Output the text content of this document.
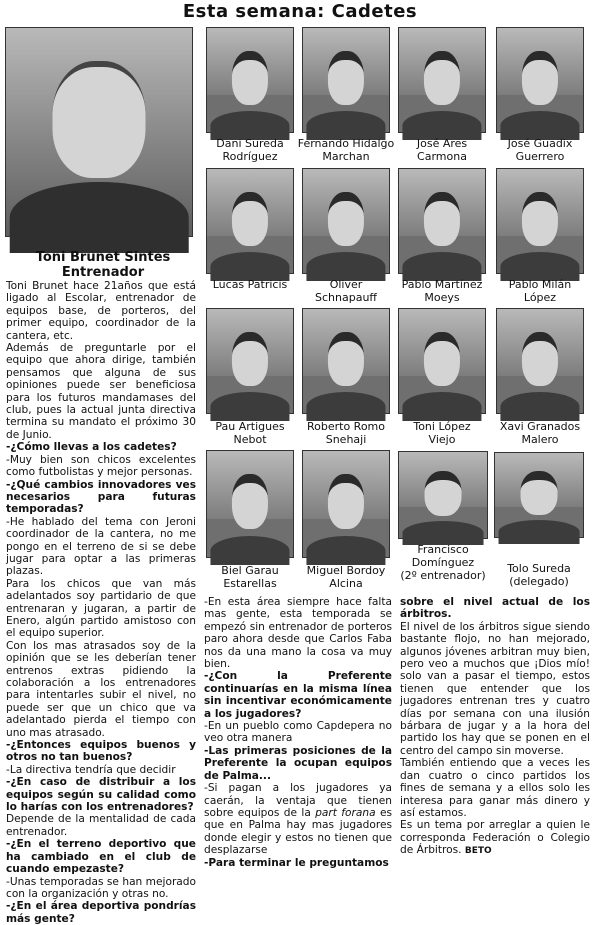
Esta semana: Cadetes
Toni Brunet Sintes
Entrenador
Dani Sureda
Rodríguez
Fernando Hidalgo
Marchan
José Ares
Carmona
José Guadix
Guerrero
Lucas Patricis	Oliver
Schnapauff
Pablo Martínez
Moeys
Pablo Milán
López
Pau Artigues
Nebot
Roberto Romo
Snehaji
Toni López
Viejo
Xavi Granados
Malero
Biel Garau
Estarellas
Miguel Bordoy
Alcina
Francisco
Domínguez
(2º entrenador)
Tolo Sureda
(delegado)

Toni Brunet hace 21años que está ligado al Escolar, entrenador de equipos base, de porteros, del primer equipo, coordinador de la cantera, etc.

Además de preguntarle por el equipo que ahora dirige, también pensamos que alguna de sus opiniones puede ser beneficiosa para los futuros mandamases del club, pues la actual junta directiva termina su mandato el próximo 30 de Junio.

-¿Cómo llevas a los cadetes?

-Muy bien son chicos excelentes como futbolistas y mejor personas.

-¿Qué cambios innovadores ves necesarios para futuras temporadas?

-He hablado del tema con Jeroni coordinador de la cantera, no me pongo en el terreno de si se debe jugar para optar a las primeras plazas.

Para los chicos que van más adelantados soy partidario de que entrenaran y jugaran, a partir de Enero, algún partido amistoso con el equipo superior.

Con los mas atrasados soy de la opinión que se les deberían tener entrenos extras pidiendo la colaboración a los entrenadores para intentarles subir el nivel, no puede ser que un chico que va adelantado pierda el tiempo con uno mas atrasado.

-¿Entonces equipos buenos y otros no tan buenos?

-La directiva tendría que decidir

-¿En caso de distribuir a los equipos según su calidad como lo harías con los entrenadores?

Depende de la mentalidad de cada entrenador.

-¿En el terreno deportivo que ha cambiado en el club de cuando empezaste?

-Unas temporadas se han mejorado con la organización y otras no.

-¿En el área deportiva pondrías más gente?

-En esta área siempre hace falta mas gente, esta temporada se empezó sin entrenador de porteros paro ahora desde que Carlos Faba nos da una mano la cosa va muy bien.

-¿Con la Preferente continuarías en la misma línea sin incentivar económicamente a los jugadores?

-En un pueblo como Capdepera no veo otra manera

-Las primeras posiciones de la Preferente la ocupan equipos de Palma...

-Si pagan a los jugadores ya caerán, la ventaja que tienen sobre equipos de la part forana es que en Palma hay mas jugadores donde elegir y estos no tienen que desplazarse

-Para terminar le preguntamos

sobre el nivel actual de los árbitros.

El nivel de los árbitros sigue siendo bastante flojo, no han mejorado, algunos jóvenes arbitran muy bien, pero veo a muchos que ¡Dios mío! solo van a pasar el tiempo, estos tienen que entender que los jugadores entrenan tres y cuatro días por semana con una ilusión bárbara de jugar y a la hora del partido los hay que se ponen en el centro del campo sin moverse.

También entiendo que a veces les dan cuatro o cinco partidos los fines de semana y a ellos solo les interesa para ganar más dinero y así estamos.

Es un tema por arreglar a quien le corresponda Federación o Colegio de Árbitros. BETO
